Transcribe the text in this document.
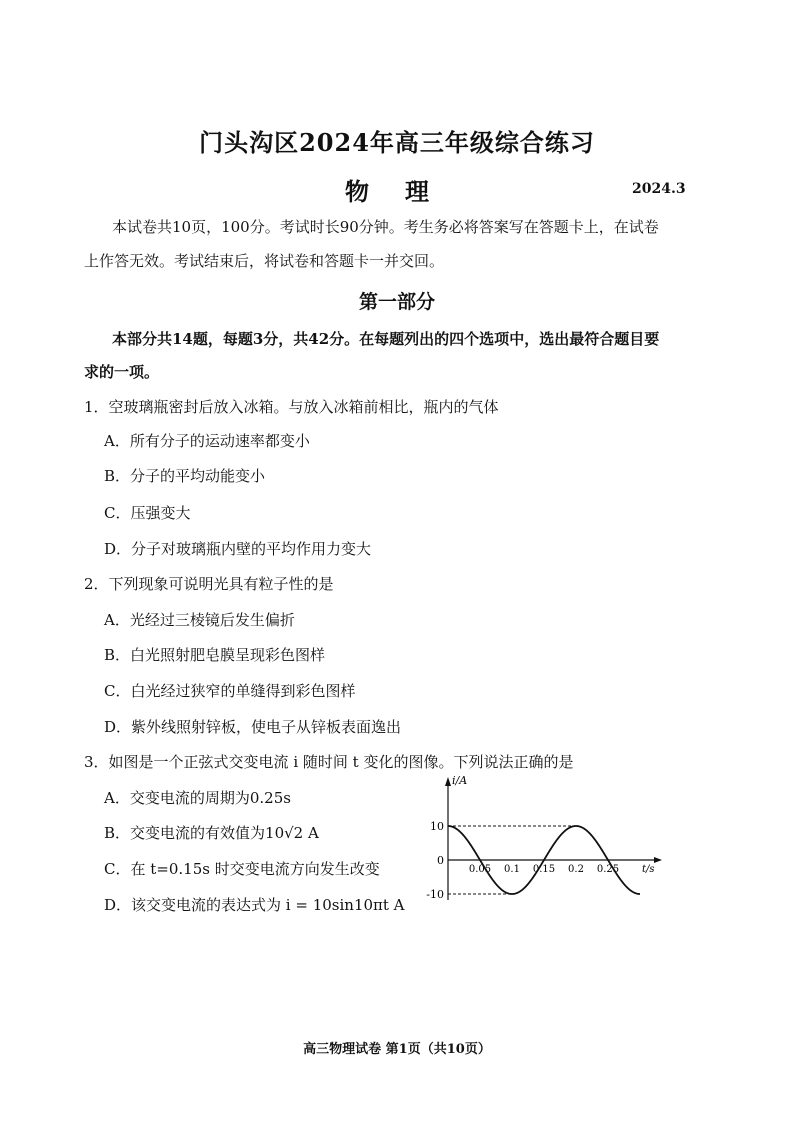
门头沟区2024年高三年级综合练习
物 理	2024.3
本试卷共10页，100分。考试时长90分钟。考生务必将答案写在答题卡上，在试卷
上作答无效。考试结束后，将试卷和答题卡一并交回。
第一部分
本部分共14题，每题3分，共42分。在每题列出的四个选项中，选出最符合题目要
求的一项。
1．空玻璃瓶密封后放入冰箱。与放入冰箱前相比，瓶内的气体
A．所有分子的运动速率都变小
B．分子的平均动能变小
C．压强变大
D．分子对玻璃瓶内壁的平均作用力变大
2．下列现象可说明光具有粒子性的是
A．光经过三棱镜后发生偏折
B．白光照射肥皂膜呈现彩色图样
C．白光经过狭窄的单缝得到彩色图样
D．紫外线照射锌板，使电子从锌板表面逸出
3．如图是一个正弦式交变电流 i 随时间 t 变化的图像。下列说法正确的是
A．交变电流的周期为0.25s
B．交变电流的有效值为10√2 A
C．在 t=0.15s 时交变电流方向发生改变
D．该交变电流的表达式为 i = 10sin10πt A
i/A
t/s
10
0
-10
0.05 0.1 0.15 0.2 0.25
高三物理试卷 第1页（共10页）
